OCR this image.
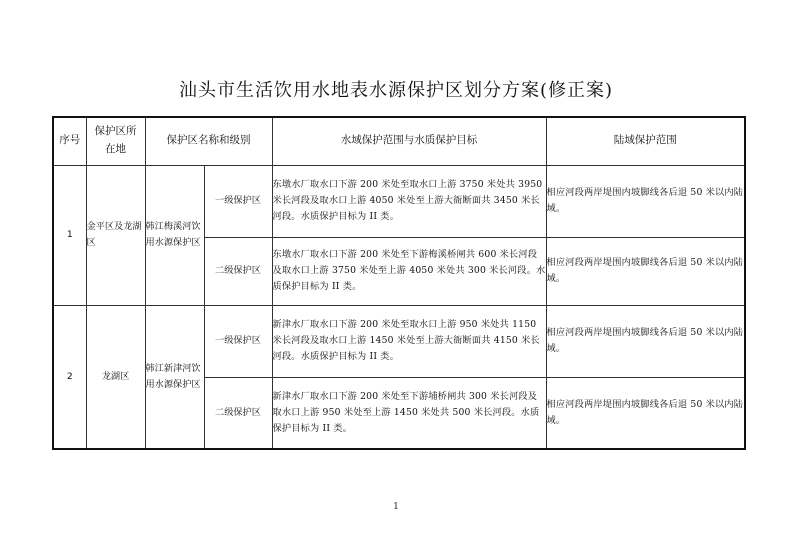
汕头市生活饮用水地表水源保护区划分方案(修正案)
序号	保护区所在地	保护区名称和级别		水域保护范围与水质保护目标	陆域保护范围
1	金平区及龙湖区	韩江梅溪河饮用水源保护区	一级保护区	东墩水厂取水口下游 200 米处至取水口上游 3750 米处共 3950 米长河段及取水口上游 4050 米处至上游大衙断面共 3450 米长河段。水质保护目标为 II 类。	相应河段两岸堤围内坡脚线各后退 50 米以内陆域。
			二级保护区	东墩水厂取水口下游 200 米处至下游梅溪桥闸共 600 米长河段及取水口上游 3750 米处至上游 4050 米处共 300 米长河段。水质保护目标为 II 类。	相应河段两岸堤围内坡脚线各后退 50 米以内陆域。
2	龙湖区	韩江新津河饮用水源保护区	一级保护区	新津水厂取水口下游 200 米处至取水口上游 950 米处共 1150 米长河段及取水口上游 1450 米处至上游大衙断面共 4150 米长河段。水质保护目标为 II 类。	相应河段两岸堤围内坡脚线各后退 50 米以内陆域。
			二级保护区	新津水厂取水口下游 200 米处至下游埔桥闸共 300 米长河段及取水口上游 950 米处至上游 1450 米处共 500 米长河段。水质保护目标为 II 类。	相应河段两岸堤围内坡脚线各后退 50 米以内陆域。
1
